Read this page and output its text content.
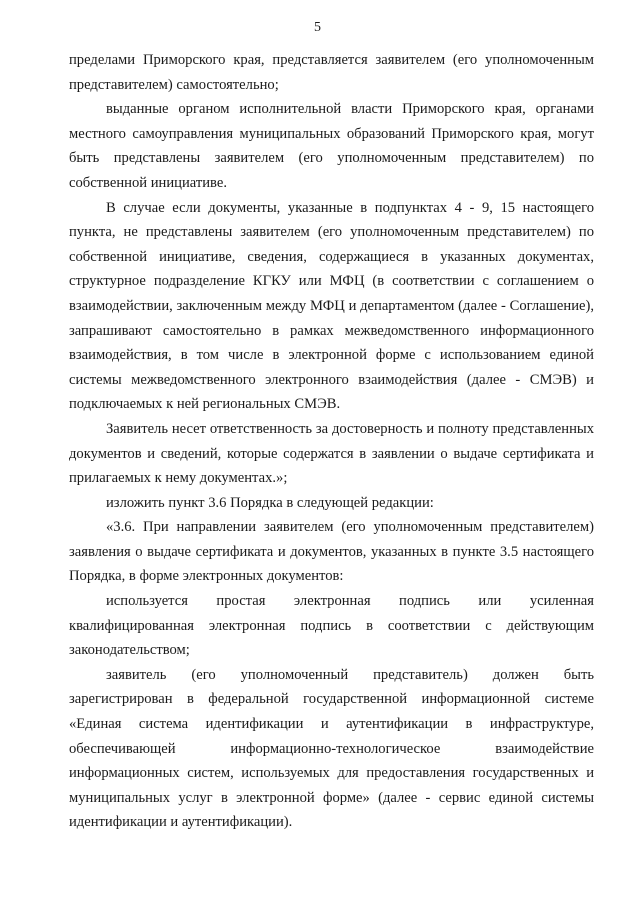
5

пределами Приморского края, представляется заявителем (его уполномоченным представителем) самостоятельно;

выданные органом исполнительной власти Приморского края, органами местного самоуправления муниципальных образований Приморского края, могут быть представлены заявителем (его уполномоченным представителем) по собственной инициативе.

В случае если документы, указанные в подпунктах 4 - 9, 15 настоящего пункта, не представлены заявителем (его уполномоченным представителем) по собственной инициативе, сведения, содержащиеся в указанных документах, структурное подразделение КГКУ или МФЦ (в соответствии с соглашением о взаимодействии, заключенным между МФЦ и департаментом (далее - Соглашение), запрашивают самостоятельно в рамках межведомственного информационного взаимодействия, в том числе в электронной форме с использованием единой системы межведомственного электронного взаимодействия (далее - СМЭВ) и подключаемых к ней региональных СМЭВ.

Заявитель несет ответственность за достоверность и полноту представленных документов и сведений, которые содержатся в заявлении о выдаче сертификата и прилагаемых к нему документах.»;

изложить пункт 3.6 Порядка в следующей редакции:

«3.6. При направлении заявителем (его уполномоченным представителем) заявления о выдаче сертификата и документов, указанных в пункте 3.5 настоящего Порядка, в форме электронных документов:

используется простая электронная подпись или усиленная квалифицированная электронная подпись в соответствии с действующим законодательством;

заявитель (его уполномоченный представитель) должен быть зарегистрирован в федеральной государственной информационной системе «Единая система идентификации и аутентификации в инфраструктуре, обеспечивающей информационно-технологическое взаимодействие информационных систем, используемых для предоставления государственных и муниципальных услуг в электронной форме» (далее - сервис единой системы идентификации и аутентификации).
